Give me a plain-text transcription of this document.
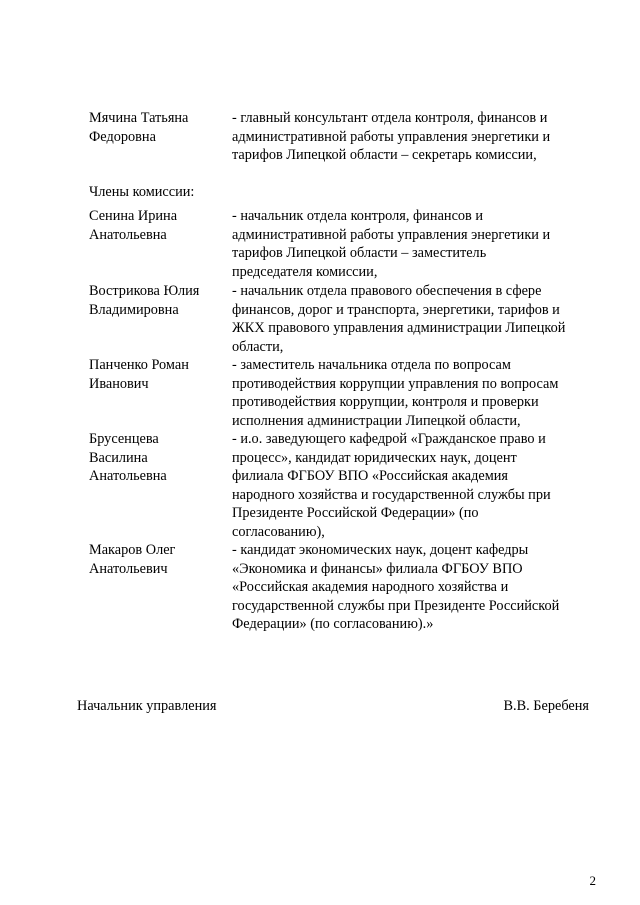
Мячина Татьяна
Федоровна
- главный консультант отдела контроля, финансов и
административной работы управления энергетики и
тарифов Липецкой области – секретарь комиссии,
Члены комиссии:
Сенина Ирина
Анатольевна
- начальник отдела контроля, финансов и
административной работы управления энергетики и
тарифов Липецкой области – заместитель
председателя комиссии,
Вострикова Юлия
Владимировна
- начальник отдела правового обеспечения в сфере
финансов, дорог и транспорта, энергетики, тарифов и
ЖКХ правового управления администрации Липецкой
области,
Панченко Роман
Иванович
- заместитель начальника отдела по вопросам
противодействия коррупции управления по вопросам
противодействия коррупции, контроля и проверки
исполнения администрации Липецкой области,
Брусенцева
Василина
Анатольевна
- и.о. заведующего кафедрой «Гражданское право и
процесс», кандидат юридических наук, доцент
филиала ФГБОУ ВПО «Российская академия
народного хозяйства и государственной службы при
Президенте Российской Федерации» (по
согласованию),
Макаров Олег
Анатольевич
- кандидат экономических наук, доцент кафедры
«Экономика и финансы» филиала ФГБОУ ВПО
«Российская академия народного хозяйства и
государственной службы при Президенте Российской
Федерации» (по согласованию).»
Начальник управления	В.В. Беребеня
2
